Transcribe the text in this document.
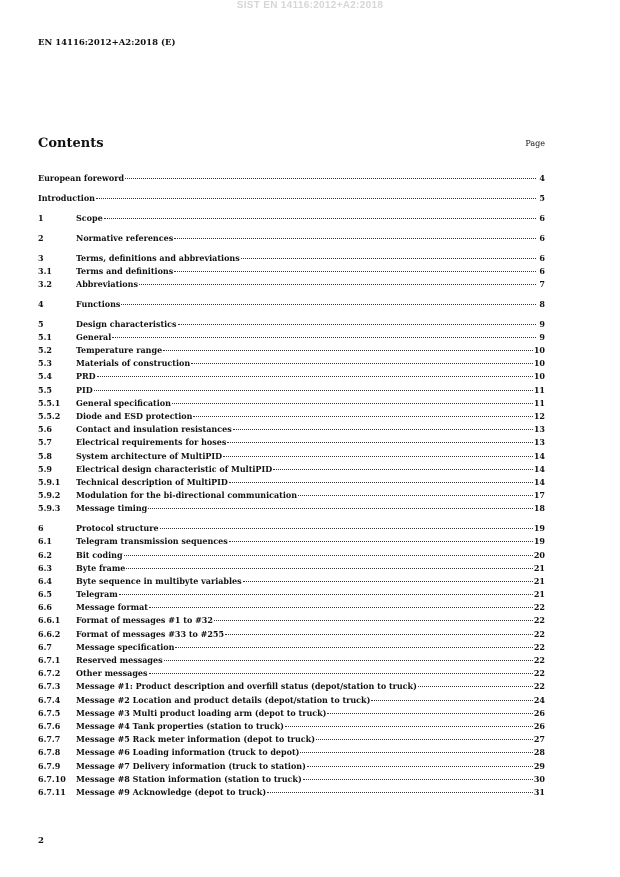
SIST EN 14116:2012+A2:2018
EN 14116:2012+A2:2018 (E)
Contents	Page
European foreword	4
Introduction	5
1	Scope	6
2	Normative references	6
3	Terms, definitions and abbreviations	6
3.1	Terms and definitions	6
3.2	Abbreviations	7
4	Functions	8
5	Design characteristics	9
5.1	General	9
5.2	Temperature range	10
5.3	Materials of construction	10
5.4	PRD	10
5.5	PID	11
5.5.1	General specification	11
5.5.2	Diode and ESD protection	12
5.6	Contact and insulation resistances	13
5.7	Electrical requirements for hoses	13
5.8	System architecture of MultiPID	14
5.9	Electrical design characteristic of MultiPID	14
5.9.1	Technical description of MultiPID	14
5.9.2	Modulation for the bi-directional communication	17
5.9.3	Message timing	18
6	Protocol structure	19
6.1	Telegram transmission sequences	19
6.2	Bit coding	20
6.3	Byte frame	21
6.4	Byte sequence in multibyte variables	21
6.5	Telegram	21
6.6	Message format	22
6.6.1	Format of messages #1 to #32	22
6.6.2	Format of messages #33 to #255	22
6.7	Message specification	22
6.7.1	Reserved messages	22
6.7.2	Other messages	22
6.7.3	Message #1: Product description and overfill status (depot/station to truck)	22
6.7.4	Message #2 Location and product details (depot/station to truck)	24
6.7.5	Message #3 Multi product loading arm (depot to truck)	26
6.7.6	Message #4 Tank properties (station to truck)	26
6.7.7	Message #5 Rack meter information (depot to truck)	27
6.7.8	Message #6 Loading information (truck to depot)	28
6.7.9	Message #7 Delivery information (truck to station)	29
6.7.10	Message #8 Station information (station to truck)	30
6.7.11	Message #9 Acknowledge (depot to truck)	31
2
